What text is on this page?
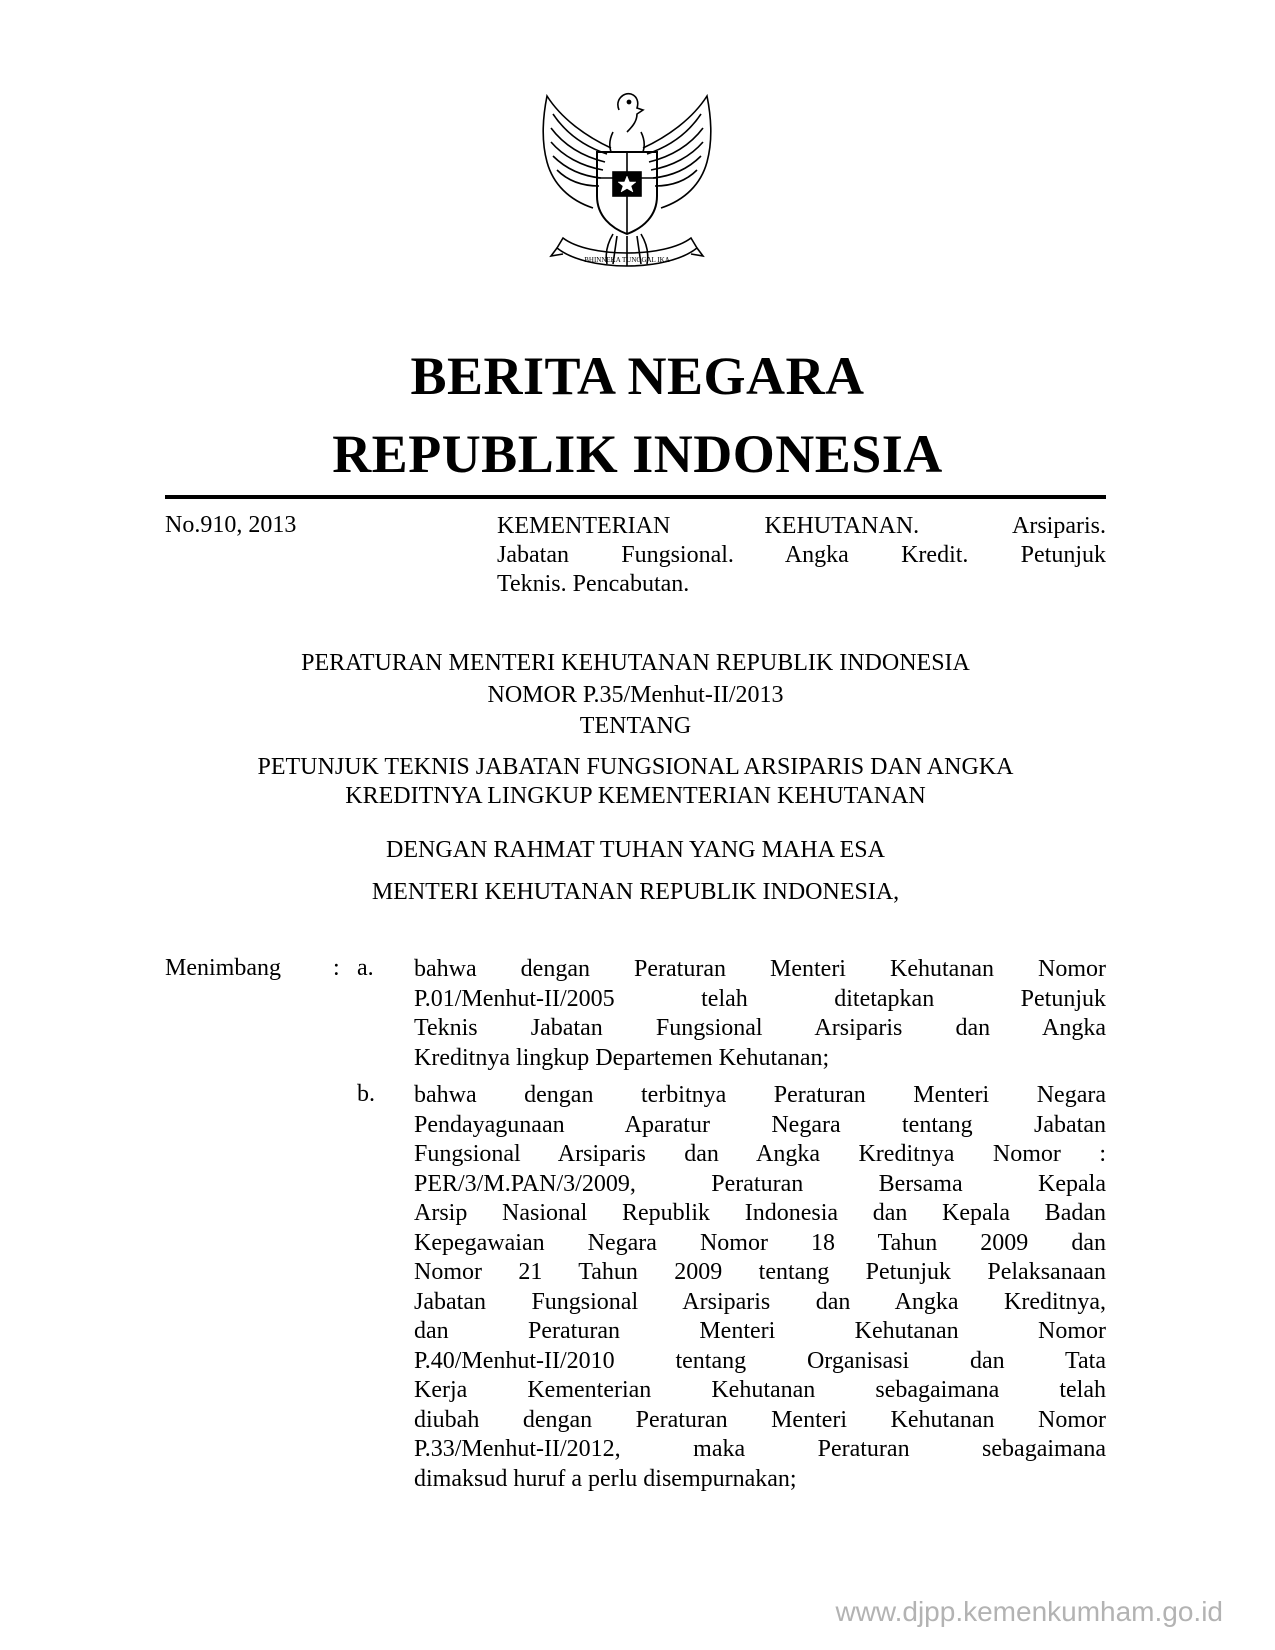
BHINNEKA TUNGGAL IKA
BERITA NEGARA
REPUBLIK INDONESIA
No.910, 2013	KEMENTERIAN KEHUTANAN. Arsiparis.
Jabatan Fungsional. Angka Kredit. Petunjuk
Teknis. Pencabutan.
PERATURAN MENTERI KEHUTANAN REPUBLIK INDONESIA
NOMOR P.35/Menhut-II/2013
TENTANG
PETUNJUK TEKNIS JABATAN FUNGSIONAL ARSIPARIS DAN ANGKA
KREDITNYA LINGKUP KEMENTERIAN KEHUTANAN
DENGAN RAHMAT TUHAN YANG MAHA ESA
MENTERI KEHUTANAN REPUBLIK INDONESIA,
Menimbang : a. bahwa dengan Peraturan Menteri Kehutanan Nomor
P.01/Menhut-II/2005 telah ditetapkan Petunjuk
Teknis Jabatan Fungsional Arsiparis dan Angka
Kreditnya lingkup Departemen Kehutanan;
b. bahwa dengan terbitnya Peraturan Menteri Negara
Pendayagunaan Aparatur Negara tentang Jabatan
Fungsional Arsiparis dan Angka Kreditnya Nomor :
PER/3/M.PAN/3/2009, Peraturan Bersama Kepala
Arsip Nasional Republik Indonesia dan Kepala Badan
Kepegawaian Negara Nomor 18 Tahun 2009 dan
Nomor 21 Tahun 2009 tentang Petunjuk Pelaksanaan
Jabatan Fungsional Arsiparis dan Angka Kreditnya,
dan Peraturan Menteri Kehutanan Nomor
P.40/Menhut-II/2010 tentang Organisasi dan Tata
Kerja Kementerian Kehutanan sebagaimana telah
diubah dengan Peraturan Menteri Kehutanan Nomor
P.33/Menhut-II/2012, maka Peraturan sebagaimana
dimaksud huruf a perlu disempurnakan;
www.djpp.kemenkumham.go.id
